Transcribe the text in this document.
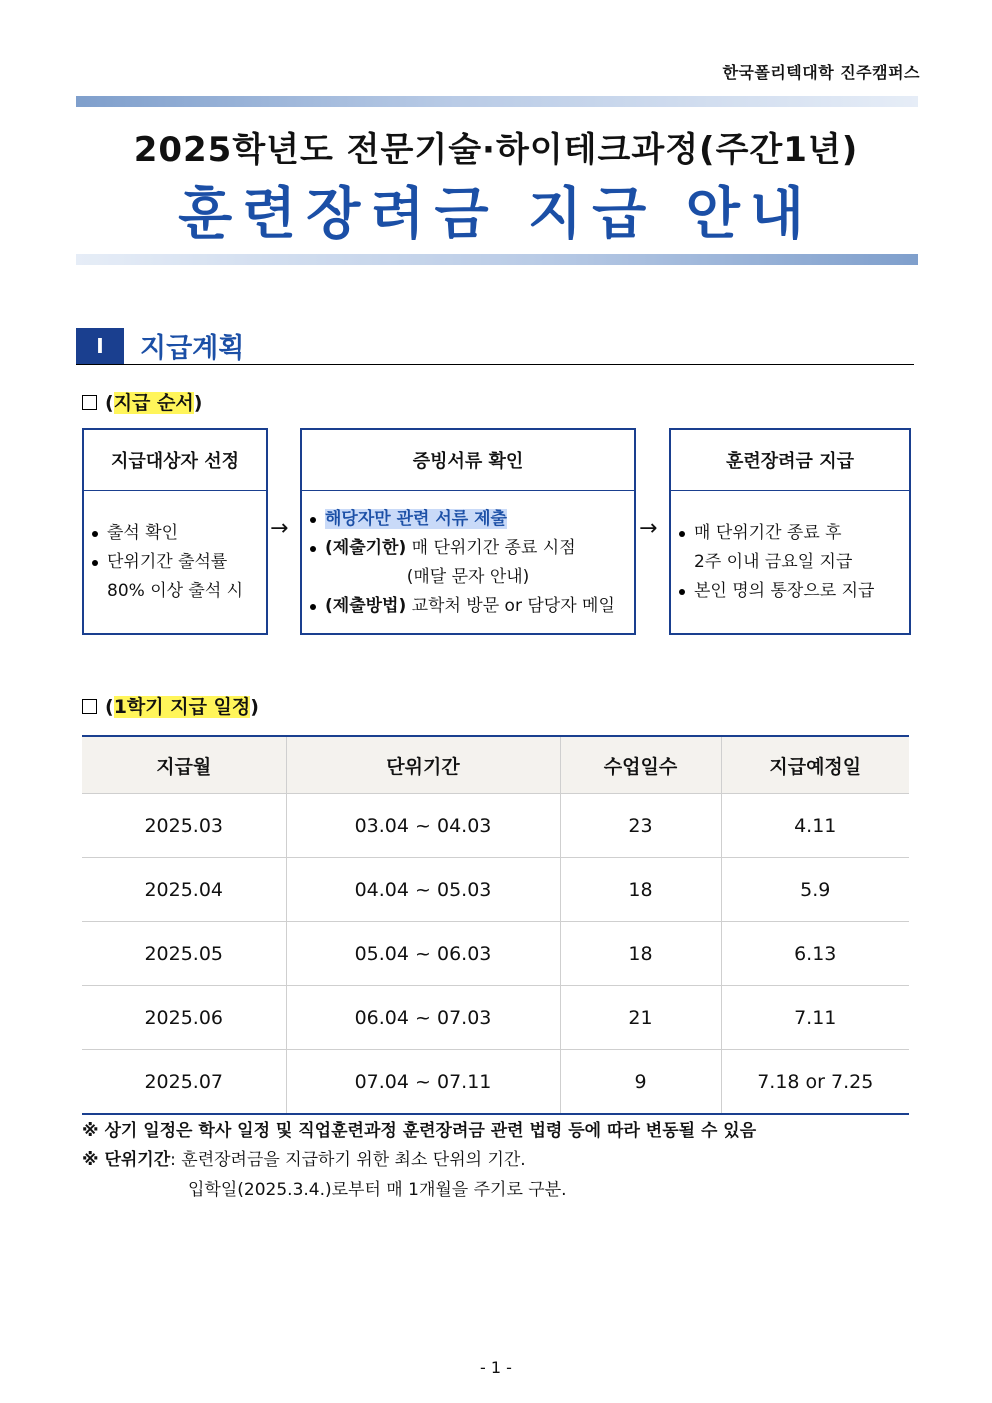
한국폴리텍대학 진주캠퍼스
2025학년도 전문기술·하이테크과정(주간1년)
훈련장려금 지급 안내
Ⅰ	지급계획
(지급 순서)
지급대상자 선정
출석 확인
단위기간 출석률
80% 이상 출석 시
→
증빙서류 확인
해당자만 관련 서류 제출
(제출기한) 매 단위기간 종료 시점
(매달 문자 안내)
(제출방법) 교학처 방문 or 담당자 메일
→
훈련장려금 지급
매 단위기간 종료 후
2주 이내 금요일 지급
본인 명의 통장으로 지급
(1학기 지급 일정)
지급월	단위기간	수업일수	지급예정일
2025.03	03.04 ~ 04.03	23	4.11
2025.04	04.04 ~ 05.03	18	5.9
2025.05	05.04 ~ 06.03	18	6.13
2025.06	06.04 ~ 07.03	21	7.11
2025.07	07.04 ~ 07.11	9	7.18 or 7.25
※ 상기 일정은 학사 일정 및 직업훈련과정 훈련장려금 관련 법령 등에 따라 변동될 수 있음
※ 단위기간: 훈련장려금을 지급하기 위한 최소 단위의 기간.
입학일(2025.3.4.)로부터 매 1개월을 주기로 구분.
- 1 -
